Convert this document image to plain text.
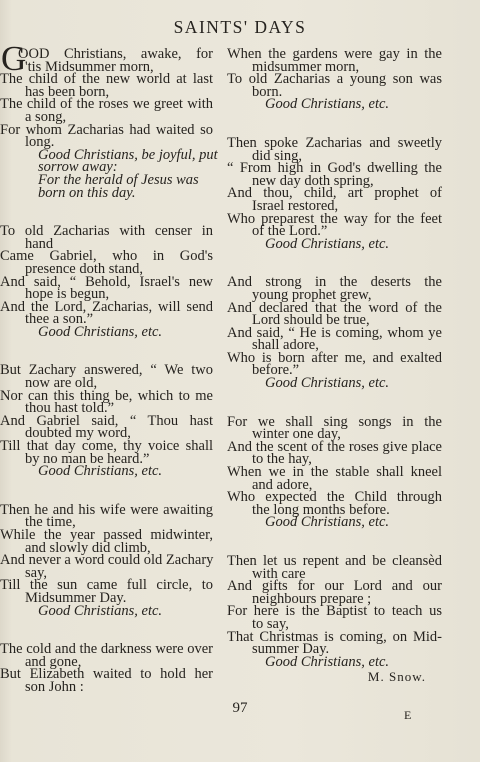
SAINTS' DAYS
G
OOD Christians, awake, for
'tis Midsummer morn,
The child of the new world at last
has been born,
The child of the roses we greet with
a song,
For whom Zacharias had waited so
long.
Good Christians, be joyful, put
sorrow away:
For the herald of Jesus was
born on this day.
To old Zacharias with censer in
hand
Came Gabriel, who in God's
presence doth stand,
And said, “ Behold, Israel's new
hope is begun,
And the Lord, Zacharias, will send
thee a son.”
Good Christians, etc.
But Zachary answered, “ We two
now are old,
Nor can this thing be, which to me
thou hast told.”
And Gabriel said, “ Thou hast
doubted my word,
Till that day come, thy voice shall
by no man be heard.”
Good Christians, etc.
Then he and his wife were awaiting
the time,
While the year passed midwinter,
and slowly did climb,
And never a word could old Zachary
say,
Till the sun came full circle, to
Midsummer Day.
Good Christians, etc.
The cold and the darkness were over
and gone,
But Elizabeth waited to hold her
son John :
When the gardens were gay in the
midsummer morn,
To old Zacharias a young son was
born.
Good Christians, etc.
Then spoke Zacharias and sweetly
did sing,
“ From high in God's dwelling the
new day doth spring,
And thou, child, art prophet of
Israel restored,
Who preparest the way for the feet
of the Lord.”
Good Christians, etc.
And strong in the deserts the
young prophet grew,
And declared that the word of the
Lord should be true,
And said, “ He is coming, whom ye
shall adore,
Who is born after me, and exalted
before.”
Good Christians, etc.
For we shall sing songs in the
winter one day,
And the scent of the roses give place
to the hay,
When we in the stable shall kneel
and adore,
Who expected the Child through
the long months before.
Good Christians, etc.
Then let us repent and be cleansèd
with care
And gifts for our Lord and our
neighbours prepare ;
For here is the Baptist to teach us
to say,
That Christmas is coming, on Mid-
summer Day.
Good Christians, etc.
M. Snow.
97	E
